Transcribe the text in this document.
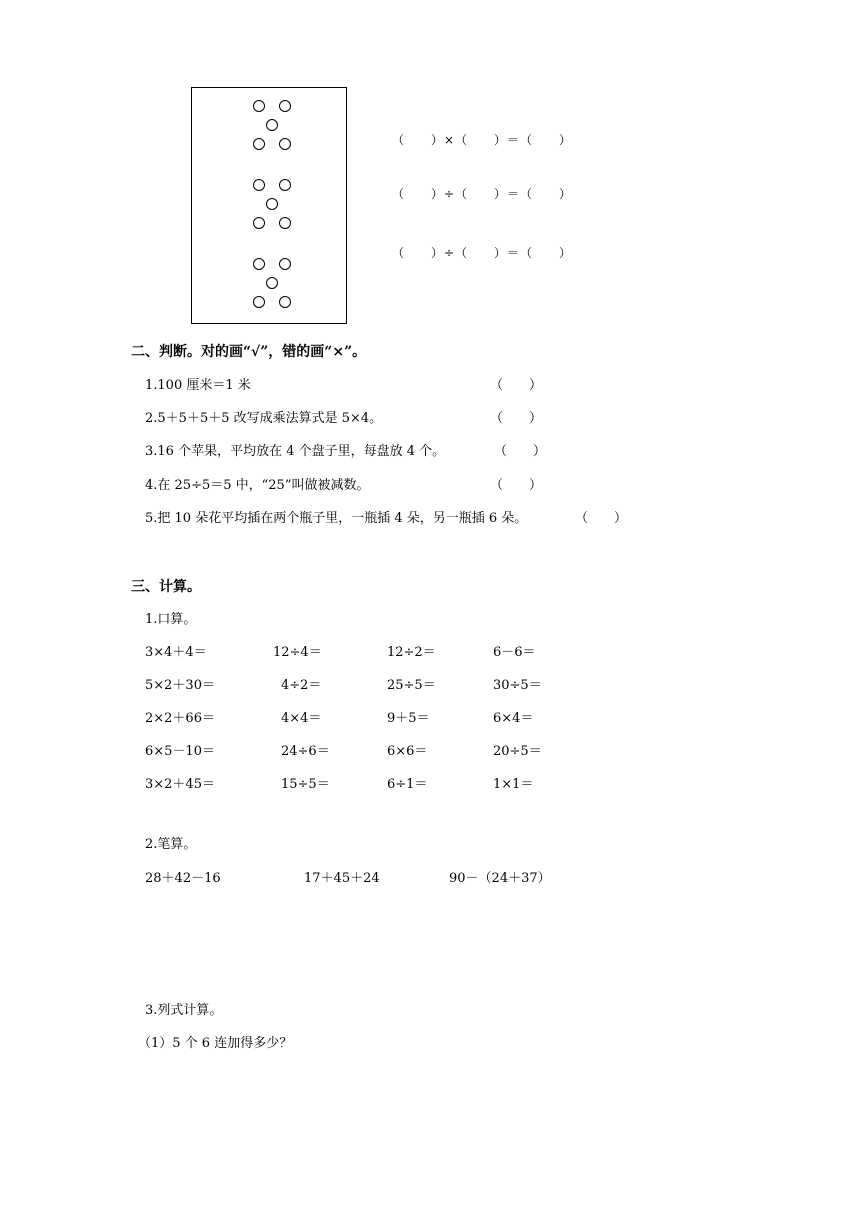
（　　）×（　　）＝（　　）
（　　）÷（　　）＝（　　）
（　　）÷（　　）＝（　　）
二、判断。对的画“√”，错的画“×”。
1.100 厘米＝1 米	（　　）
2.5＋5＋5＋5 改写成乘法算式是 5×4。	（　　）
3.16 个苹果，平均放在 4 个盘子里，每盘放 4 个。	（　　）
4.在 25÷5＝5 中，“25”叫做被减数。	（　　）
5.把 10 朵花平均插在两个瓶子里，一瓶插 4 朵，另一瓶插 6 朵。	（　　）
三、计算。
1.口算。
3×4＋4＝	12÷4＝	12÷2＝	6－6＝
5×2＋30＝	4÷2＝	25÷5＝	30÷5＝
2×2＋66＝	4×4＝	9＋5＝	6×4＝
6×5－10＝	24÷6＝	6×6＝	20÷5＝
3×2＋45＝	15÷5＝	6÷1＝	1×1＝
2.笔算。
28＋42－16	17＋45＋24	90－（24＋37）
3.列式计算。
（1）5 个 6 连加得多少？
